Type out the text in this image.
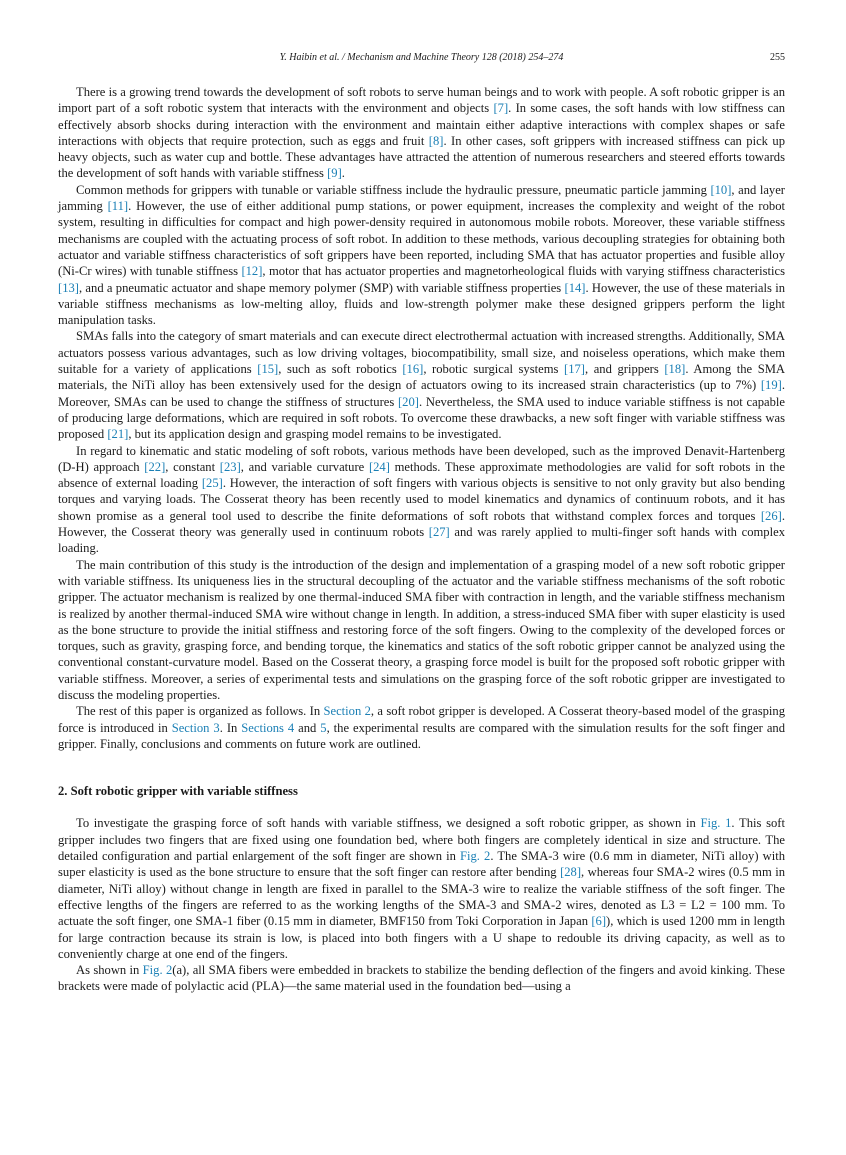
Y. Haibin et al. / Mechanism and Machine Theory 128 (2018) 254–274	255

There is a growing trend towards the development of soft robots to serve human beings and to work with people. A soft robotic gripper is an import part of a soft robotic system that interacts with the environment and objects [7]. In some cases, the soft hands with low stiffness can effectively absorb shocks during interaction with the environment and maintain either adaptive interactions with complex shapes or safe interactions with objects that require protection, such as eggs and fruit [8]. In other cases, soft grippers with increased stiffness can pick up heavy objects, such as water cup and bottle. These advantages have attracted the attention of numerous researchers and steered efforts towards the development of soft hands with variable stiffness [9].

Common methods for grippers with tunable or variable stiffness include the hydraulic pressure, pneumatic particle jamming [10], and layer jamming [11]. However, the use of either additional pump stations, or power equipment, increases the complexity and weight of the robot system, resulting in difficulties for compact and high power-density required in autonomous mobile robots. Moreover, these variable stiffness mechanisms are coupled with the actuating process of soft robot. In addition to these methods, various decoupling strategies for obtaining both actuator and variable stiffness characteristics of soft grippers have been reported, including SMA that has actuator properties and fusible alloy (Ni-Cr wires) with tunable stiffness [12], motor that has actuator properties and magnetorheological fluids with varying stiffness characteristics [13], and a pneumatic actuator and shape memory polymer (SMP) with variable stiffness properties [14]. However, the use of these materials in variable stiffness mechanisms as low-melting alloy, fluids and low-strength polymer make these designed grippers perform the light manipulation tasks.

SMAs falls into the category of smart materials and can execute direct electrothermal actuation with increased strengths. Additionally, SMA actuators possess various advantages, such as low driving voltages, biocompatibility, small size, and noiseless operations, which make them suitable for a variety of applications [15], such as soft robotics [16], robotic surgical systems [17], and grippers [18]. Among the SMA materials, the NiTi alloy has been extensively used for the design of actuators owing to its increased strain characteristics (up to 7%) [19]. Moreover, SMAs can be used to change the stiffness of structures [20]. Nevertheless, the SMA used to induce variable stiffness is not capable of producing large deformations, which are required in soft robots. To overcome these drawbacks, a new soft finger with variable stiffness was proposed [21], but its application design and grasping model remains to be investigated.

In regard to kinematic and static modeling of soft robots, various methods have been developed, such as the improved Denavit-Hartenberg (D-H) approach [22], constant [23], and variable curvature [24] methods. These approximate methodologies are valid for soft robots in the absence of external loading [25]. However, the interaction of soft fingers with various objects is sensitive to not only gravity but also bending torques and varying loads. The Cosserat theory has been recently used to model kinematics and dynamics of continuum robots, and it has shown promise as a general tool used to describe the finite deformations of soft robots that withstand complex forces and torques [26]. However, the Cosserat theory was generally used in continuum robots [27] and was rarely applied to multi-finger soft hands with complex loading.

The main contribution of this study is the introduction of the design and implementation of a grasping model of a new soft robotic gripper with variable stiffness. Its uniqueness lies in the structural decoupling of the actuator and the variable stiffness mechanisms of the soft robotic gripper. The actuator mechanism is realized by one thermal-induced SMA fiber with contraction in length, and the variable stiffness mechanism is realized by another thermal-induced SMA wire without change in length. In addition, a stress-induced SMA fiber with super elasticity is used as the bone structure to provide the initial stiffness and restoring force of the soft fingers. Owing to the complexity of the developed forces or torques, such as gravity, grasping force, and bending torque, the kinematics and statics of the soft robotic gripper cannot be analyzed using the conventional constant-curvature model. Based on the Cosserat theory, a grasping force model is built for the proposed soft robotic gripper with variable stiffness. Moreover, a series of experimental tests and simulations on the grasping force of the soft robotic gripper are investigated to discuss the modeling properties.

The rest of this paper is organized as follows. In Section 2, a soft robot gripper is developed. A Cosserat theory-based model of the grasping force is introduced in Section 3. In Sections 4 and 5, the experimental results are compared with the simulation results for the soft finger and gripper. Finally, conclusions and comments on future work are outlined.

2. Soft robotic gripper with variable stiffness

To investigate the grasping force of soft hands with variable stiffness, we designed a soft robotic gripper, as shown in Fig. 1. This soft gripper includes two fingers that are fixed using one foundation bed, where both fingers are completely identical in size and structure. The detailed configuration and partial enlargement of the soft finger are shown in Fig. 2. The SMA-3 wire (0.6 mm in diameter, NiTi alloy) with super elasticity is used as the bone structure to ensure that the soft finger can restore after bending [28], whereas four SMA-2 wires (0.5 mm in diameter, NiTi alloy) without change in length are fixed in parallel to the SMA-3 wire to realize the variable stiffness of the soft finger. The effective lengths of the fingers are referred to as the working lengths of the SMA-3 and SMA-2 wires, denoted as L3 = L2 = 100 mm. To actuate the soft finger, one SMA-1 fiber (0.15 mm in diameter, BMF150 from Toki Corporation in Japan [6]), which is used 1200 mm in length for large contraction because its strain is low, is placed into both fingers with a U shape to redouble its driving capacity, as well as to conveniently charge at one end of the fingers.

As shown in Fig. 2(a), all SMA fibers were embedded in brackets to stabilize the bending deflection of the fingers and avoid kinking. These brackets were made of polylactic acid (PLA)—the same material used in the foundation bed—using a
